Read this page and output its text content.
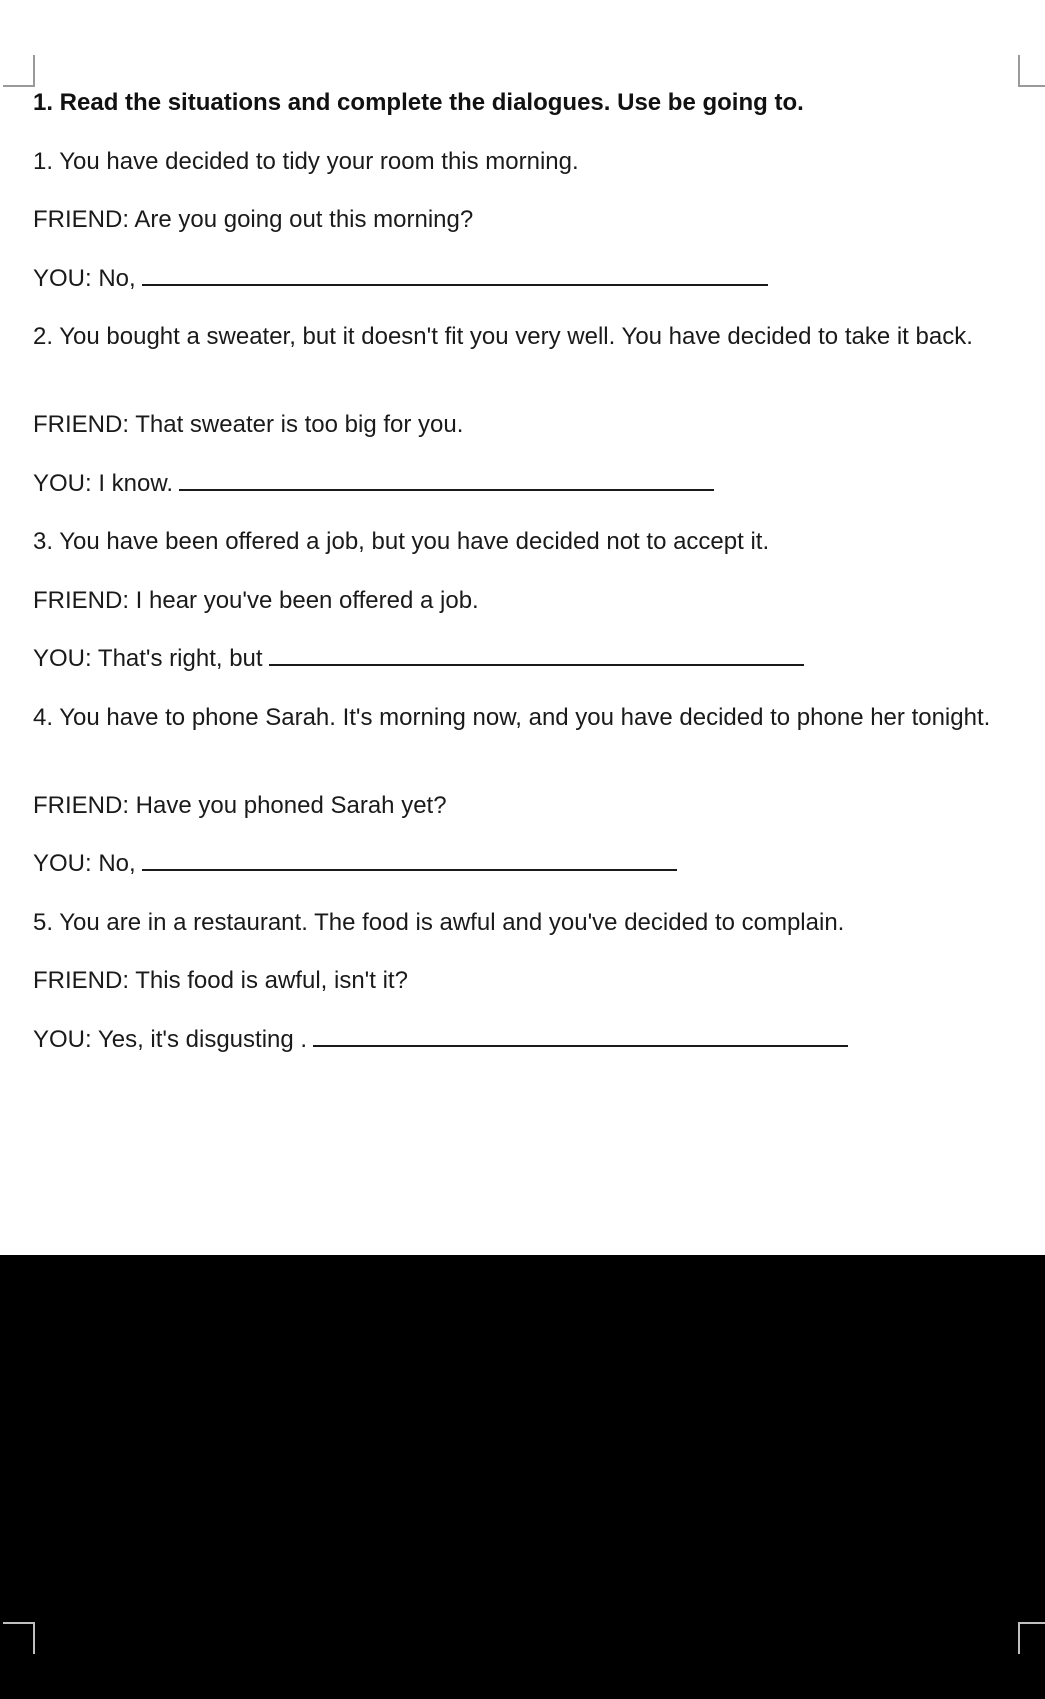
1. Read the situations and complete the dialogues. Use be going to.
1. You have decided to tidy your room this morning.
FRIEND: Are you going out this morning?
YOU: No,
2. You bought a sweater, but it doesn't fit you very well. You have decided to take it back.
FRIEND: That sweater is too big for you.
YOU: I know.
3. You have been offered a job, but you have decided not to accept it.
FRIEND: I hear you've been offered a job.
YOU: That's right, but
4. You have to phone Sarah. It's morning now, and you have decided to phone her tonight.
FRIEND: Have you phoned Sarah yet?
YOU: No,
5. You are in a restaurant. The food is awful and you've decided to complain.
FRIEND: This food is awful, isn't it?
YOU: Yes, it's disgusting .
